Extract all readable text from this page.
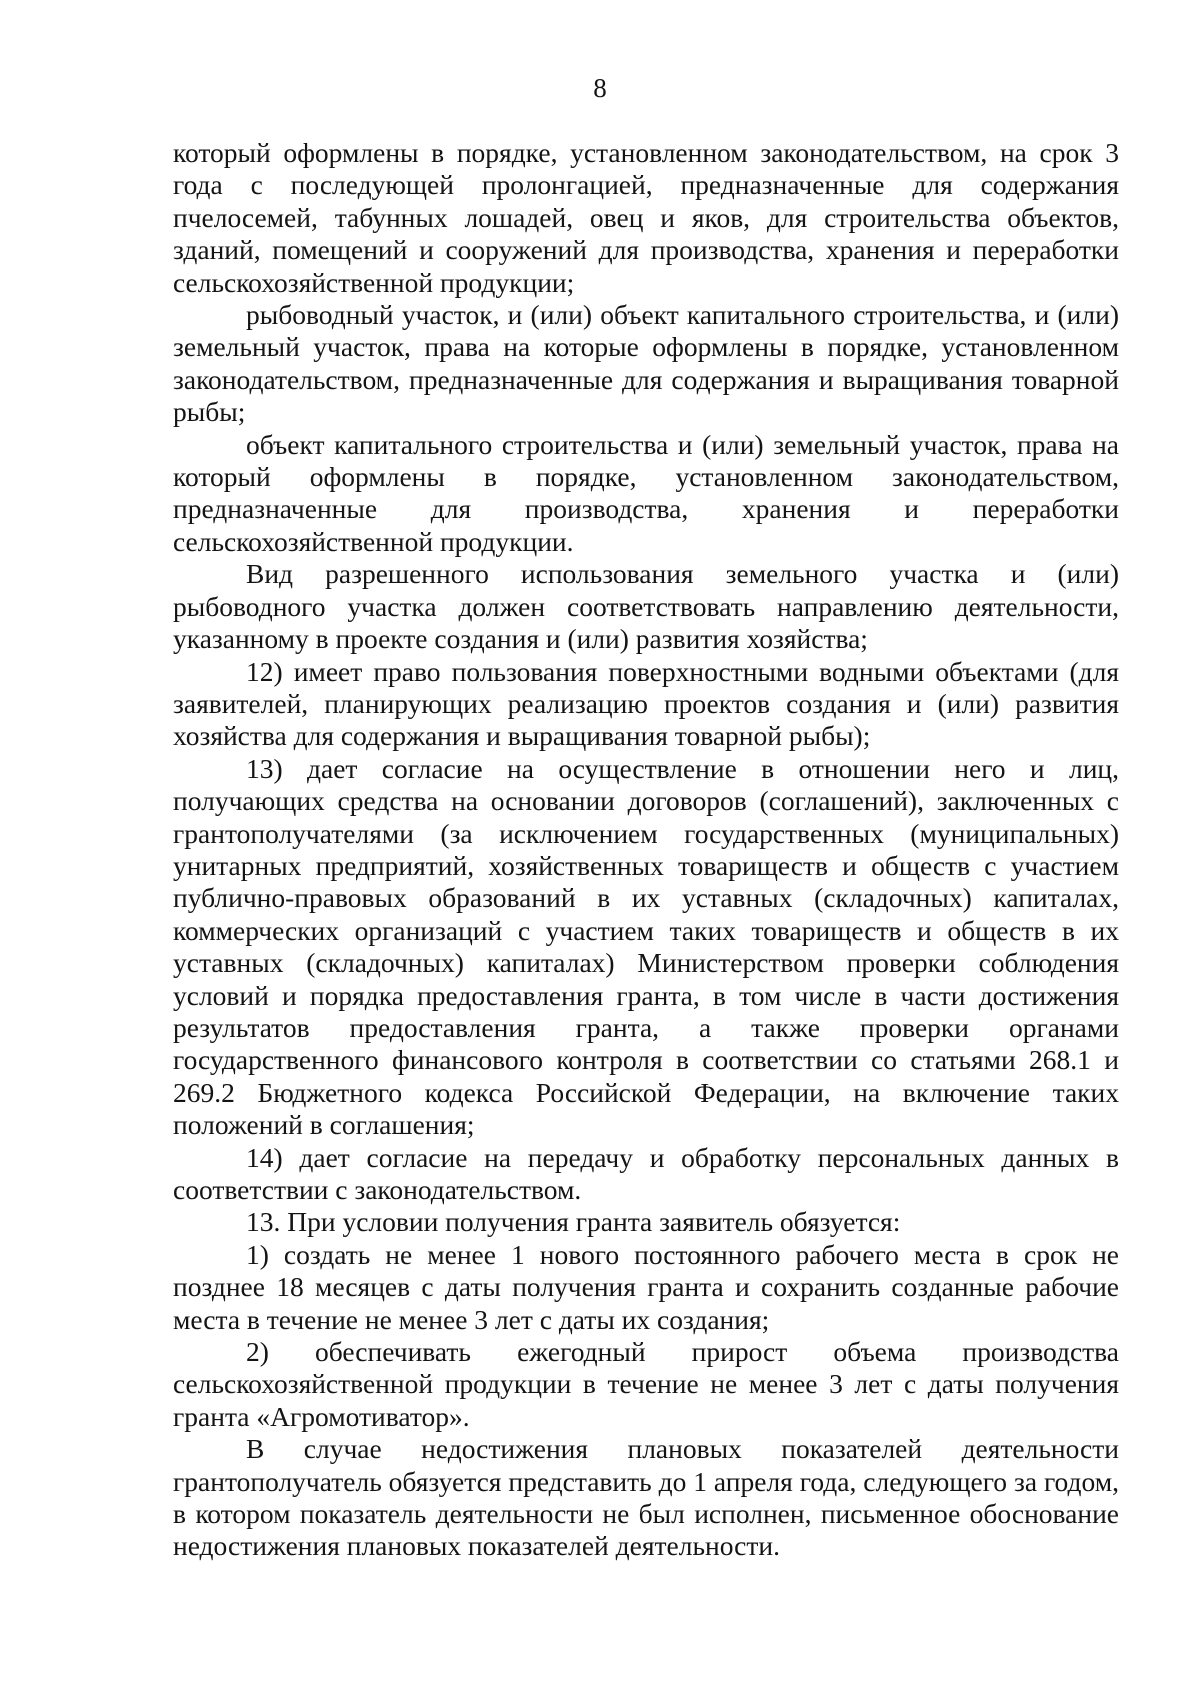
8

который оформлены в порядке, установленном законодательством, на срок 3 года с последующей пролонгацией, предназначенные для содержания пчелосемей, табунных лошадей, овец и яков, для строительства объектов, зданий, помещений и сооружений для производства, хранения и переработки сельскохозяйственной продукции;

рыбоводный участок, и (или) объект капитального строительства, и (или) земельный участок, права на которые оформлены в порядке, установленном законодательством, предназначенные для содержания и выращивания товарной рыбы;

объект капитального строительства и (или) земельный участок, права на который оформлены в порядке, установленном законодательством, предназначенные для производства, хранения и переработки сельскохозяйственной продукции.

Вид разрешенного использования земельного участка и (или) рыбоводного участка должен соответствовать направлению деятельности, указанному в проекте создания и (или) развития хозяйства;

12) имеет право пользования поверхностными водными объектами (для заявителей, планирующих реализацию проектов создания и (или) развития хозяйства для содержания и выращивания товарной рыбы);

13) дает согласие на осуществление в отношении него и лиц, получающих средства на основании договоров (соглашений), заключенных с грантополучателями (за исключением государственных (муниципальных) унитарных предприятий, хозяйственных товариществ и обществ с участием публично-правовых образований в их уставных (складочных) капиталах, коммерческих организаций с участием таких товариществ и обществ в их уставных (складочных) капиталах) Министерством проверки соблюдения условий и порядка предоставления гранта, в том числе в части достижения результатов предоставления гранта, а также проверки органами государственного финансового контроля в соответствии со статьями 268.1 и 269.2 Бюджетного кодекса Российской Федерации, на включение таких положений в соглашения;

14) дает согласие на передачу и обработку персональных данных в соответствии с законодательством.

13. При условии получения гранта заявитель обязуется:

1) создать не менее 1 нового постоянного рабочего места в срок не позднее 18 месяцев с даты получения гранта и сохранить созданные рабочие места в течение не менее 3 лет с даты их создания;

2) обеспечивать ежегодный прирост объема производства сельскохозяйственной продукции в течение не менее 3 лет с даты получения гранта «Агромотиватор».

В случае недостижения плановых показателей деятельности грантополучатель обязуется представить до 1 апреля года, следующего за годом, в котором показатель деятельности не был исполнен, письменное обоснование недостижения плановых показателей деятельности.
